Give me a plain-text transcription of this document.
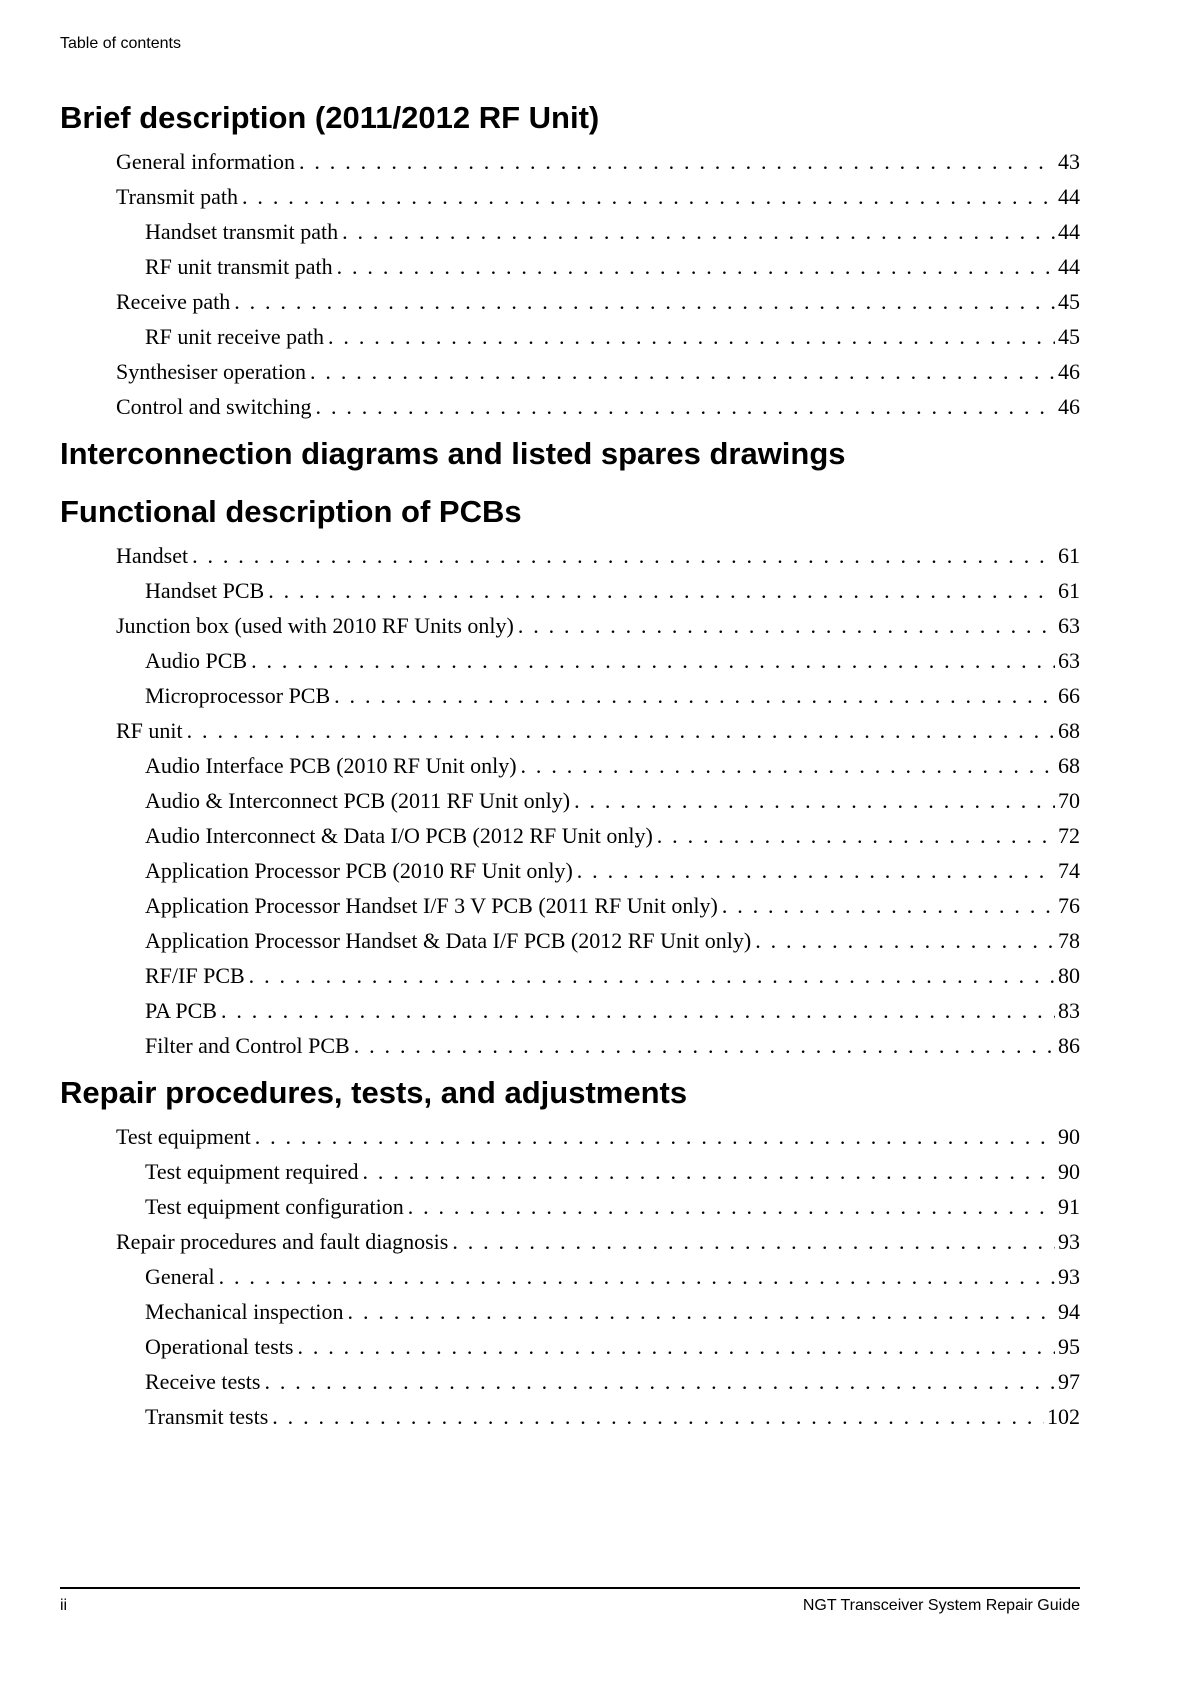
Table of contents
Brief description (2011/2012 RF Unit)
General information . . .	43
Transmit path . . .	44
Handset transmit path . . .	44
RF unit transmit path . . .	44
Receive path . . .	45
RF unit receive path . . .	45
Synthesiser operation . . .	46
Control and switching . . .	46
Interconnection diagrams and listed spares drawings
Functional description of PCBs
Handset . . .	61
Handset PCB . . .	61
Junction box (used with 2010 RF Units only) . . .	63
Audio PCB . . .	63
Microprocessor PCB . . .	66
RF unit . . .	68
Audio Interface PCB (2010 RF Unit only) . . .	68
Audio & Interconnect PCB (2011 RF Unit only) . . .	70
Audio Interconnect & Data I/O PCB (2012 RF Unit only) . . .	72
Application Processor PCB (2010 RF Unit only) . . .	74
Application Processor Handset I/F 3 V PCB (2011 RF Unit only) . . .	76
Application Processor Handset & Data I/F PCB (2012 RF Unit only) . . .	78
RF/IF PCB . . .	80
PA PCB . . .	83
Filter and Control PCB . . .	86
Repair procedures, tests, and adjustments
Test equipment . . .	90
Test equipment required . . .	90
Test equipment configuration . . .	91
Repair procedures and fault diagnosis . . .	93
General . . .	93
Mechanical inspection . . .	94
Operational tests . . .	95
Receive tests . . .	97
Transmit tests . . .	102
ii	NGT Transceiver System Repair Guide
